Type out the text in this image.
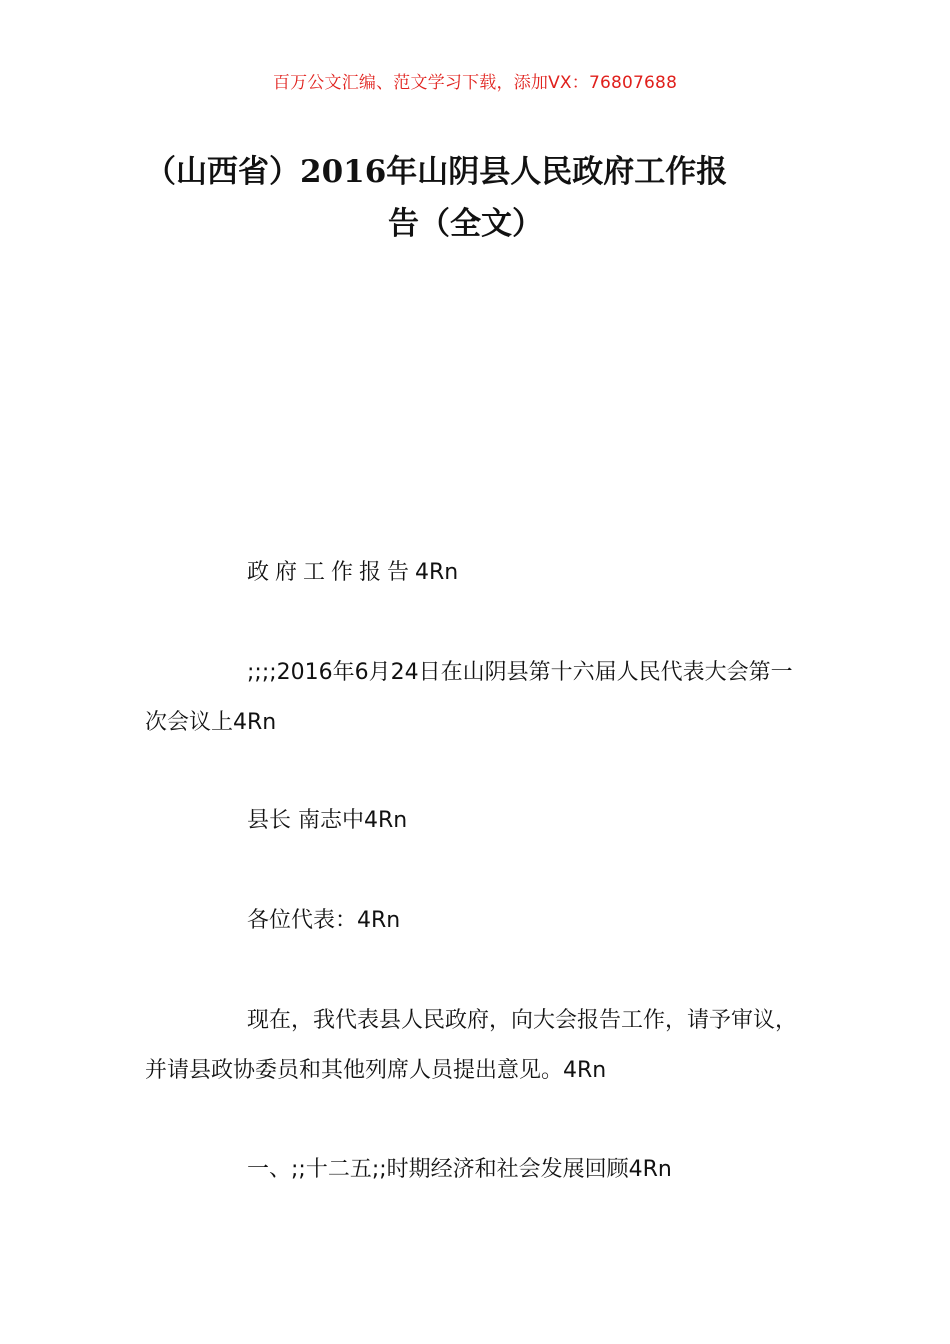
百万公文汇编、范文学习下载，添加VX：76807688
（山西省）2016年山阴县人民政府工作报
告（全文）

政府工作报告4Rn

;;;;2016年6月24日在山阴县第十六届人民代表大会第一次会议上4Rn

县长 南志中4Rn

各位代表：4Rn

现在，我代表县人民政府，向大会报告工作，请予审议，并请县政协委员和其他列席人员提出意见。4Rn

一、;;十二五;;时期经济和社会发展回顾4Rn
